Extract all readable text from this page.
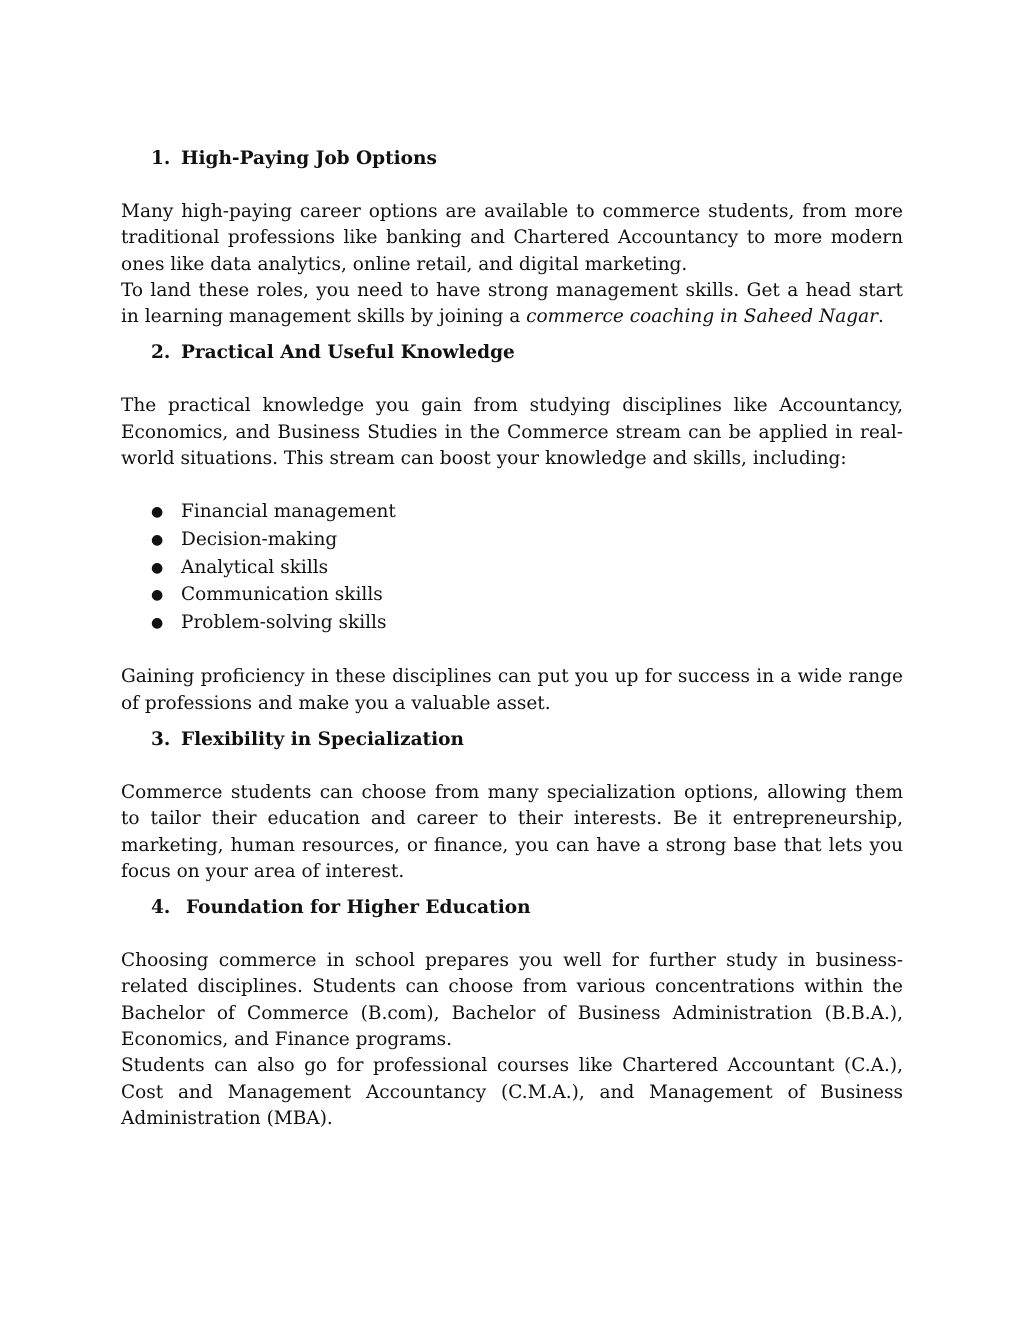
1. High-Paying Job Options

Many high-paying career options are available to commerce students, from more traditional professions like banking and Chartered Accountancy to more modern ones like data analytics, online retail, and digital marketing.

To land these roles, you need to have strong management skills. Get a head start in learning management skills by joining a commerce coaching in Saheed Nagar.

2. Practical And Useful Knowledge

The practical knowledge you gain from studying disciplines like Accountancy, Economics, and Business Studies in the Commerce stream can be applied in real-world situations. This stream can boost your knowledge and skills, including:

● Financial management
● Decision-making
● Analytical skills
● Communication skills
● Problem-solving skills

Gaining proficiency in these disciplines can put you up for success in a wide range of professions and make you a valuable asset.

3. Flexibility in Specialization

Commerce students can choose from many specialization options, allowing them to tailor their education and career to their interests. Be it entrepreneurship, marketing, human resources, or finance, you can have a strong base that lets you focus on your area of interest.

4. Foundation for Higher Education

Choosing commerce in school prepares you well for further study in business-related disciplines. Students can choose from various concentrations within the Bachelor of Commerce (B.com), Bachelor of Business Administration (B.B.A.), Economics, and Finance programs.

Students can also go for professional courses like Chartered Accountant (C.A.), Cost and Management Accountancy (C.M.A.), and Management of Business Administration (MBA).
